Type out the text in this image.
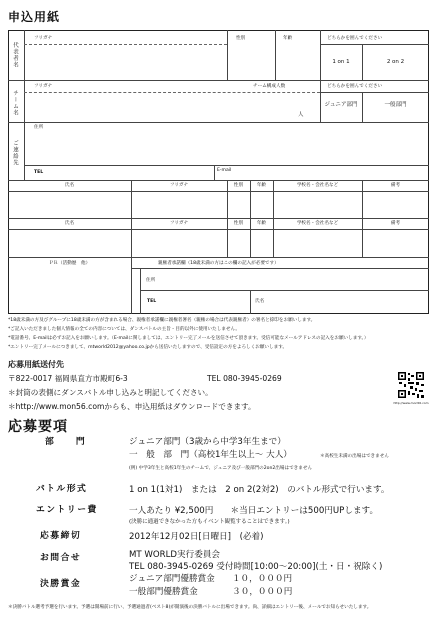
申込用紙
代表者名
フリガナ	性別	年齢	どちらかを囲んでください
1 on 1	2 on 2
チーム名
フリガナ	チーム構成人数	どちらかを囲んでください
人
ジュニア部門	一般部門
ご連絡先
住所
TEL	E-mail
氏名	フリガナ	性別	年齢	学校名・会社名など	備考
氏名	フリガナ	性別	年齢	学校名・会社名など	備考
ＰＲ（活動歴　他）	親権者承諾欄（18歳未満の方はこの欄の記入が必要です）
住所
TEL	氏名
*18歳未満の方及びグループに18歳未満の方が含まれる場合、親権者承諾欄に親権者署名（親権の場合は代表親権者）の署名と捺印をお願いします。
*ご記入いただきました個人情報の全ての内容については、ダンスバトルの主旨・目的以外に使用いたしません。
*電話番号、E-mailは必ずお記入をお願いします。（E-mailに関しましては、エントリー完了メールを送信させて頂きます。受信可能なメールアドレスの記入をお願いします。）
*エントリー完了メールにつきまして、mtworld2012@yahoo.co.jpから送信いたしますので、受信設定の方をよろしくお願いします。
応募用紙送付先
〒822-0017 福岡県直方市殿町6-3	TEL 080-3945-0269
＊封筒の表側にダンスバトル申し込みと明記してください。
＊http://www.mon56.comからも、申込用紙はダウンロードできます。	http://www.mon56.com
応募要項
部　　門	ジュニア部門（3歳から中学3年生まで）
一　般　部　門（高校1年生以上〜 大人）	＊高校生未満の出場はできません
(例) 中学3年生と高校1年生のチームで、ジュニア及び一般部門の2on2出場はできません
バトル形式	1 on 1(1対1)　または　2 on 2(2対2)　のバトル形式で行います。
エントリー費	一人あたり ¥2,500円　　＊当日エントリーは500円UPします。
(決勝に通過できなかった方もイベント観覧することはできます。)
応募締切	2012年12月02日[日曜日]　(必着)
お問合せ	MT WORLD実行委員会
TEL 080-3945-0269 受付時間[10:00〜20:00](土・日・祝除く)
決勝賞金	ジュニア部門優勝賞金　　１０，０００円
一般部門優勝賞金　　　　３０，０００円
＊決勝バトル選考予選を行います。予選は開場前に行い、予選通過者(ベスト8)が開演後の決勝バトルに出場できます。尚、詳細はエントリー後、メールでお知らせいたします。
